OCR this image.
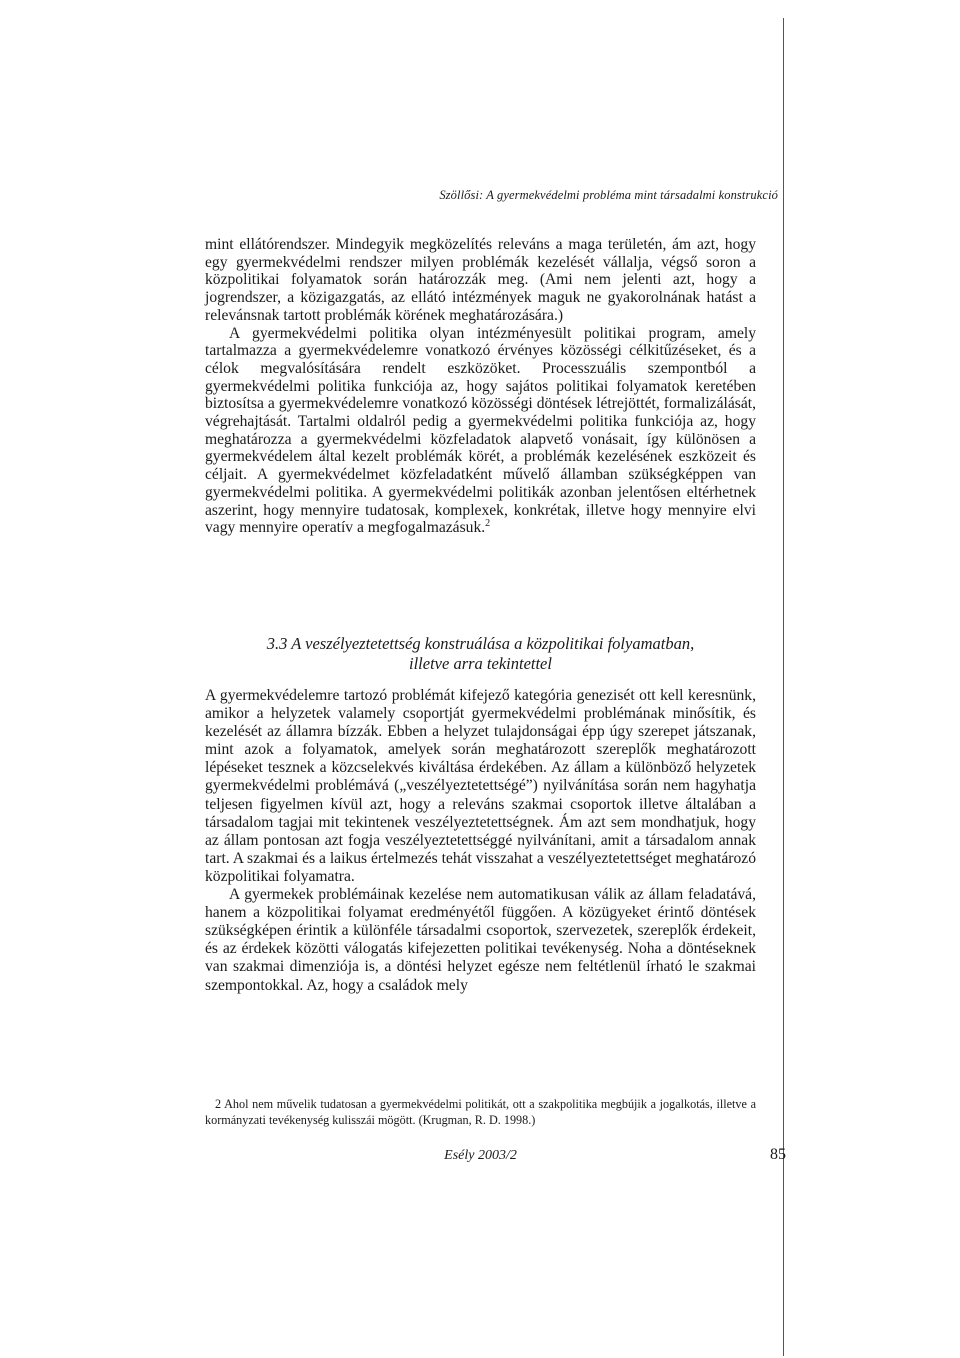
Szöllősi: A gyermekvédelmi probléma mint társadalmi konstrukció

mint ellátórendszer. Mindegyik megközelítés releváns a maga területén, ám azt, hogy egy gyermekvédelmi rendszer milyen problémák kezelését vállalja, végső soron a közpolitikai folyamatok során határozzák meg. (Ami nem jelenti azt, hogy a jogrendszer, a közigazgatás, az ellátó intézmények maguk ne gyakorolnának hatást a relevánsnak tartott problémák körének meghatározására.)

A gyermekvédelmi politika olyan intézményesült politikai program, amely tartalmazza a gyermekvédelemre vonatkozó érvényes közösségi célkitűzéseket, és a célok megvalósítására rendelt eszközöket. Processzuális szempontból a gyermekvédelmi politika funkciója az, hogy sajátos politikai folyamatok keretében biztosítsa a gyermekvédelemre vonatkozó közösségi döntések létrejöttét, formalizálását, végrehajtását. Tartalmi oldalról pedig a gyermekvédelmi politika funkciója az, hogy meghatározza a gyermekvédelmi közfeladatok alapvető vonásait, így különösen a gyermekvédelem által kezelt problémák körét, a problémák kezelésének eszközeit és céljait. A gyermekvédelmet közfeladatként művelő államban szükségképpen van gyermekvédelmi politika. A gyermekvédelmi politikák azonban jelentősen eltérhetnek aszerint, hogy mennyire tudatosak, komplexek, konkrétak, illetve hogy mennyire elvi vagy mennyire operatív a megfogalmazásuk.$^2$

3.3 A veszélyeztetettség konstruálása a közpolitikai folyamatban,
illetve arra tekintettel

A gyermekvédelemre tartozó problémát kifejező kategória genezisét ott kell keresnünk, amikor a helyzetek valamely csoportját gyermekvédelmi problémának minősítik, és kezelését az államra bízzák. Ebben a helyzet tulajdonságai épp úgy szerepet játszanak, mint azok a folyamatok, amelyek során meghatározott szereplők meghatározott lépéseket tesznek a közcselekvés kiváltása érdekében. Az állam a különböző helyzetek gyermekvédelmi problémává („veszélyeztetettségé”) nyilvánítása során nem hagyhatja teljesen figyelmen kívül azt, hogy a releváns szakmai csoportok illetve általában a társadalom tagjai mit tekintenek veszélyeztetettségnek. Ám azt sem mondhatjuk, hogy az állam pontosan azt fogja veszélyeztetettséggé nyilvánítani, amit a társadalom annak tart. A szakmai és a laikus értelmezés tehát visszahat a veszélyeztetettséget meghatározó közpolitikai folyamatra.

A gyermekek problémáinak kezelése nem automatikusan válik az állam feladatává, hanem a közpolitikai folyamat eredményétől függően. A közügyeket érintő döntések szükségképen érintik a különféle társadalmi csoportok, szervezetek, szereplők érdekeit, és az érdekek közötti válogatás kifejezetten politikai tevékenység. Noha a döntéseknek van szakmai dimenziója is, a döntési helyzet egésze nem feltétlenül írható le szakmai szempontokkal. Az, hogy a családok mely

2 Ahol nem művelik tudatosan a gyermekvédelmi politikát, ott a szakpolitika megbújik a jogalkotás, illetve a kormányzati tevékenység kulisszái mögött. (Krugman, R. D. 1998.)

Esély 2003/2	85
